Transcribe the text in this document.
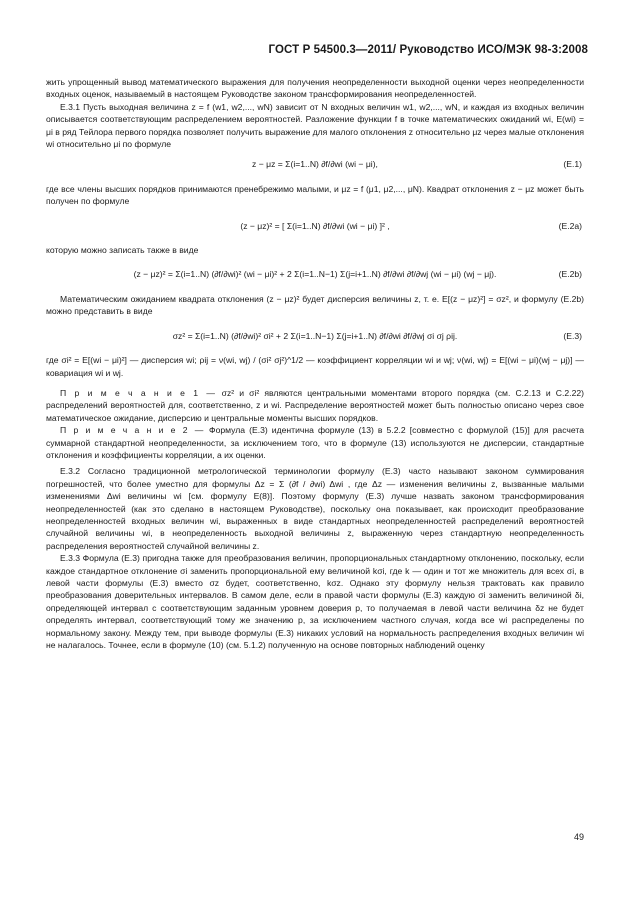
ГОСТ Р 54500.3—2011/ Руководство ИСО/МЭК 98-3:2008

жить упрощенный вывод математического выражения для получения неопределенности выходной оценки через неопределенности входных оценок, называемый в настоящем Руководстве законом трансформирования неопределенностей.

Е.3.1 Пусть выходная величина z = f (w1, w2,..., wN) зависит от N входных величин w1, w2,..., wN, и каждая из входных величин описывается соответствующим распределением вероятностей. Разложение функции f в точке математических ожиданий wi, E(wi) = μi в ряд Тейлора первого порядка позволяет получить выражение для малого отклонения z относительно μz через малые отклонения wi относительно μi по формуле

z − μz = Σ(i=1..N) ∂f/∂wi (wi − μi),	(Е.1)

где все члены высших порядков принимаются пренебрежимо малыми, и μz = f (μ1, μ2,..., μN). Квадрат отклонения z − μz может быть получен по формуле

(z − μz)² = [ Σ(i=1..N) ∂f/∂wi (wi − μi) ]² ,	(Е.2a)

которую можно записать также в виде

(z − μz)² = Σ(i=1..N) (∂f/∂wi)² (wi − μi)² + 2 Σ(i=1..N−1) Σ(j=i+1..N) ∂f/∂wi ∂f/∂wj (wi − μi) (wj − μj).	(Е.2b)

Математическим ожиданием квадрата отклонения (z − μz)² будет дисперсия величины z, т. е. E[(z − μz)²] = σz², и формулу (Е.2b) можно представить в виде

σz² = Σ(i=1..N) (∂f/∂wi)² σi² + 2 Σ(i=1..N−1) Σ(j=i+1..N) ∂f/∂wi ∂f/∂wj σi σj ρij.	(Е.3)

где σi² = E[(wi − μi)²] — дисперсия wi; ρij = ν(wi, wj) / (σi² σj²)^1/2 — коэффициент корреляции wi и wj; ν(wi, wj) = E[(wi − μi)(wj − μj)] — ковариация wi и wj.

П р и м е ч а н и е 1 — σz² и σi² являются центральными моментами второго порядка (см. С.2.13 и С.2.22) распределений вероятностей для, соответственно, z и wi. Распределение вероятностей может быть полностью описано через свое математическое ожидание, дисперсию и центральные моменты высших порядков.

П р и м е ч а н и е 2 — Формула (Е.3) идентична формуле (13) в 5.2.2 [совместно с формулой (15)] для расчета суммарной стандартной неопределенности, за исключением того, что в формуле (13) используются не дисперсии, стандартные отклонения и коэффициенты корреляции, а их оценки.

Е.3.2 Согласно традиционной метрологической терминологии формулу (Е.3) часто называют законом суммирования погрешностей, что более уместно для формулы Δz = Σ (∂f / ∂wi) Δwi , где Δz — изменения величины z, вызванные малыми изменениями Δwi величины wi [см. формулу Е(8)]. Поэтому формулу (Е.3) лучше назвать законом трансформирования неопределенностей (как это сделано в настоящем Руководстве), поскольку она показывает, как происходит преобразование неопределенностей входных величин wi, выраженных в виде стандартных неопределенностей распределений вероятностей случайной величины wi, в неопределенность выходной величины z, выраженную через стандартную неопределенность распределения вероятностей случайной величины z.

Е.3.3 Формула (Е.3) пригодна также для преобразования величин, пропорциональных стандартному отклонению, поскольку, если каждое стандартное отклонение σi заменить пропорциональной ему величиной kσi, где k — один и тот же множитель для всех σi, в левой части формулы (Е.3) вместо σz будет, соответственно, kσz. Однако эту формулу нельзя трактовать как правило преобразования доверительных интервалов. В самом деле, если в правой части формулы (Е.3) каждую σi заменить величиной δi, определяющей интервал с соответствующим заданным уровнем доверия p, то получаемая в левой части величина δz не будет определять интервал, соответствующий тому же значению p, за исключением частного случая, когда все wi распределены по нормальному закону. Между тем, при выводе формулы (Е.3) никаких условий на нормальность распределения входных величин wi не налагалось. Точнее, если в формуле (10) (см. 5.1.2) полученную на основе повторных наблюдений оценку

49
